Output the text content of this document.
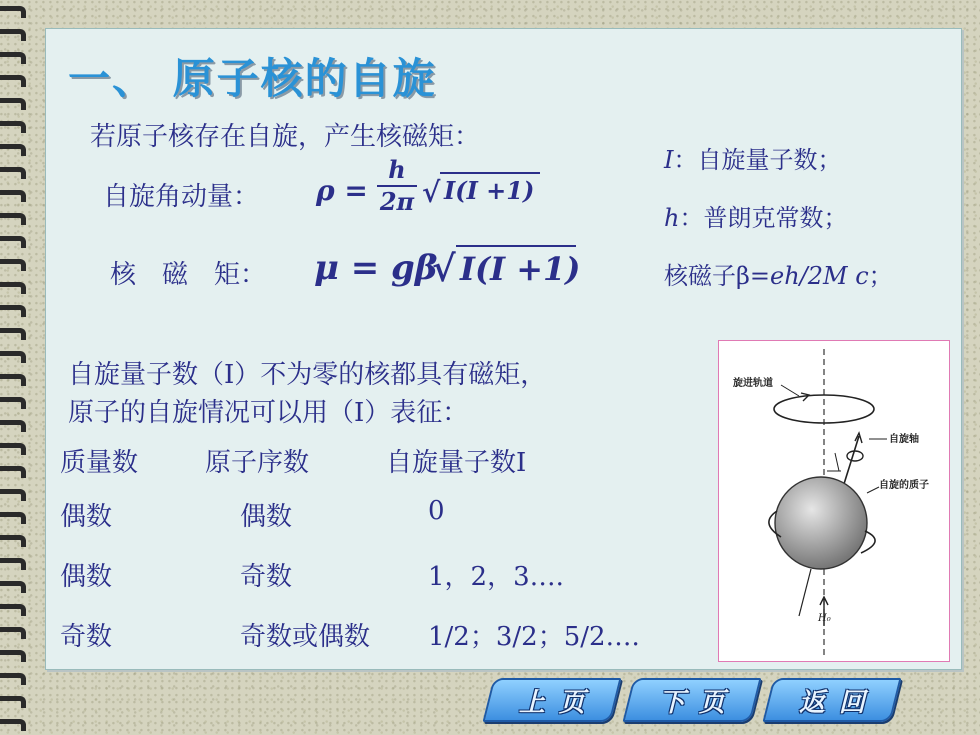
一、 原子核的自旋

若原子核存在自旋，产生核磁矩：

自旋角动量： ρ =
h
2π √ I(I +1)

核　磁　矩： μ = gβ
√ I(I +1)

I：自旋量子数；

h：普朗克常数；

核磁子β=eh/2M c；

自旋量子数（I）不为零的核都具有磁矩，

原子的自旋情况可以用（I）表征：

质量数	原子序数	自旋量子数I

偶数	偶数	0

偶数	奇数	1，2，3….

奇数	奇数或偶数 1/2；3/2；5/2….

旋进轨道
自旋轴
自旋的质子
H₀
上页	下页	返回
